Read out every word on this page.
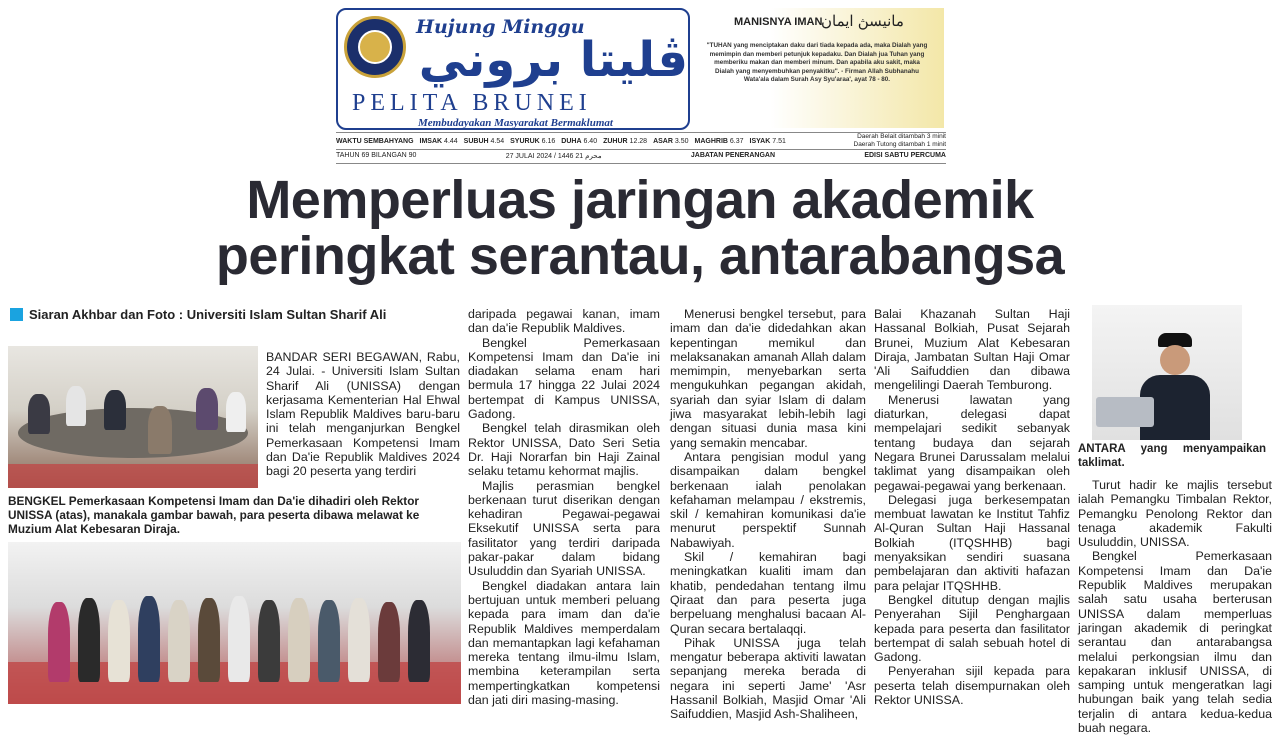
Hujung Minggu
ڤليتا بروني
PELITA BRUNEI
Membudayakan Masyarakat Bermaklumat
MANISNYA IMAN
مانيسڽ ايمان
"TUHAN yang menciptakan daku dari tiada kepada ada, maka Dialah yang memimpin dan memberi petunjuk kepadaku. Dan Dialah jua Tuhan yang memberiku makan dan memberi minum. Dan apabila aku sakit, maka Dialah yang menyembuhkan penyakitku". - Firman Allah Subhanahu Wata'ala dalam Surah Asy Syu'araa', ayat 78 - 80.
WAKTU SEMBAHYANG IMSAK 4.44 SUBUH 4.54 SYURUK 6.16 DUHA 6.40 ZUHUR 12.28 ASAR 3.50 MAGHRIB 6.37 ISYAK 7.51
Daerah Belait ditambah 3 minit
Daerah Tutong ditambah 1 minit
TAHUN 69 BILANGAN 90	27 JULAI 2024 / 1446 21 محرم	JABATAN PENERANGAN	EDISI SABTU PERCUMA
Memperluas jaringan akademik
peringkat serantau, antarabangsa
Siaran Akhbar dan Foto : Universiti Islam Sultan Sharif Ali
BENGKEL Pemerkasaan Kompetensi Imam dan Da'ie dihadiri oleh Rektor UNISSA (atas), manakala gambar bawah, para peserta dibawa melawat ke Muzium Alat Kebesaran Diraja.
ANTARA yang menyampaikan taklimat.

BANDAR SERI BEGAWAN, Rabu, 24 Julai. - Universiti Islam Sultan Sharif Ali (UNISSA) dengan kerjasama Kementerian Hal Ehwal Islam Republik Maldives baru-baru ini telah menganjurkan Bengkel Pemerkasaan Kompetensi Imam dan Da'ie Republik Maldives 2024 bagi 20 peserta yang terdiri

daripada pegawai kanan, imam dan da'ie Republik Maldives.

Bengkel Pemerkasaan Kompetensi Imam dan Da'ie ini diadakan selama enam hari bermula 17 hingga 22 Julai 2024 bertempat di Kampus UNISSA, Gadong.

Bengkel telah dirasmikan oleh Rektor UNISSA, Dato Seri Setia Dr. Haji Norarfan bin Haji Zainal selaku tetamu kehormat majlis.

Majlis perasmian bengkel berkenaan turut diserikan dengan kehadiran Pegawai-pegawai Eksekutif UNISSA serta para fasilitator yang terdiri daripada pakar-pakar dalam bidang Usuluddin dan Syariah UNISSA.

Bengkel diadakan antara lain bertujuan untuk memberi peluang kepada para imam dan da'ie Republik Maldives memperdalam dan memantapkan lagi kefahaman mereka tentang ilmu-ilmu Islam, membina keterampilan serta mempertingkatkan kompetensi dan jati diri masing-masing.

Menerusi bengkel tersebut, para imam dan da'ie didedahkan akan kepentingan memikul dan melaksanakan amanah Allah dalam memimpin, menyebarkan serta mengukuhkan pegangan akidah, syariah dan syiar Islam di dalam jiwa masyarakat lebih-lebih lagi dengan situasi dunia masa kini yang semakin mencabar.

Antara pengisian modul yang disampaikan dalam bengkel berkenaan ialah penolakan kefahaman melampau / ekstremis, skil / kemahiran komunikasi da'ie menurut perspektif Sunnah Nabawiyah.

Skil / kemahiran bagi meningkatkan kualiti imam dan khatib, pendedahan tentang ilmu Qiraat dan para peserta juga berpeluang menghalusi bacaan Al-Quran secara bertalaqqi.

Pihak UNISSA juga telah mengatur beberapa aktiviti lawatan sepanjang mereka berada di negara ini seperti Jame' 'Asr Hassanil Bolkiah, Masjid Omar 'Ali Saifuddien, Masjid Ash-Shaliheen,

Balai Khazanah Sultan Haji Hassanal Bolkiah, Pusat Sejarah Brunei, Muzium Alat Kebesaran Diraja, Jambatan Sultan Haji Omar 'Ali Saifuddien dan dibawa mengelilingi Daerah Temburong.

Menerusi lawatan yang diaturkan, delegasi dapat mempelajari sedikit sebanyak tentang budaya dan sejarah Negara Brunei Darussalam melalui taklimat yang disampaikan oleh pegawai-pegawai yang berkenaan.

Delegasi juga berkesempatan membuat lawatan ke Institut Tahfiz Al-Quran Sultan Haji Hassanal Bolkiah (ITQSHHB) bagi menyaksikan sendiri suasana pembelajaran dan aktiviti hafazan para pelajar ITQSHHB.

Bengkel ditutup dengan majlis Penyerahan Sijil Penghargaan kepada para peserta dan fasilitator bertempat di salah sebuah hotel di Gadong.

Penyerahan sijil kepada para peserta telah disempurnakan oleh Rektor UNISSA.

Turut hadir ke majlis tersebut ialah Pemangku Timbalan Rektor, Pemangku Penolong Rektor dan tenaga akademik Fakulti Usuluddin, UNISSA.

Bengkel Pemerkasaan Kompetensi Imam dan Da'ie Republik Maldives merupakan salah satu usaha berterusan UNISSA dalam memperluas jaringan akademik di peringkat serantau dan antarabangsa melalui perkongsian ilmu dan kepakaran inklusif UNISSA, di samping untuk mengeratkan lagi hubungan baik yang telah sedia terjalin di antara kedua-kedua buah negara.
